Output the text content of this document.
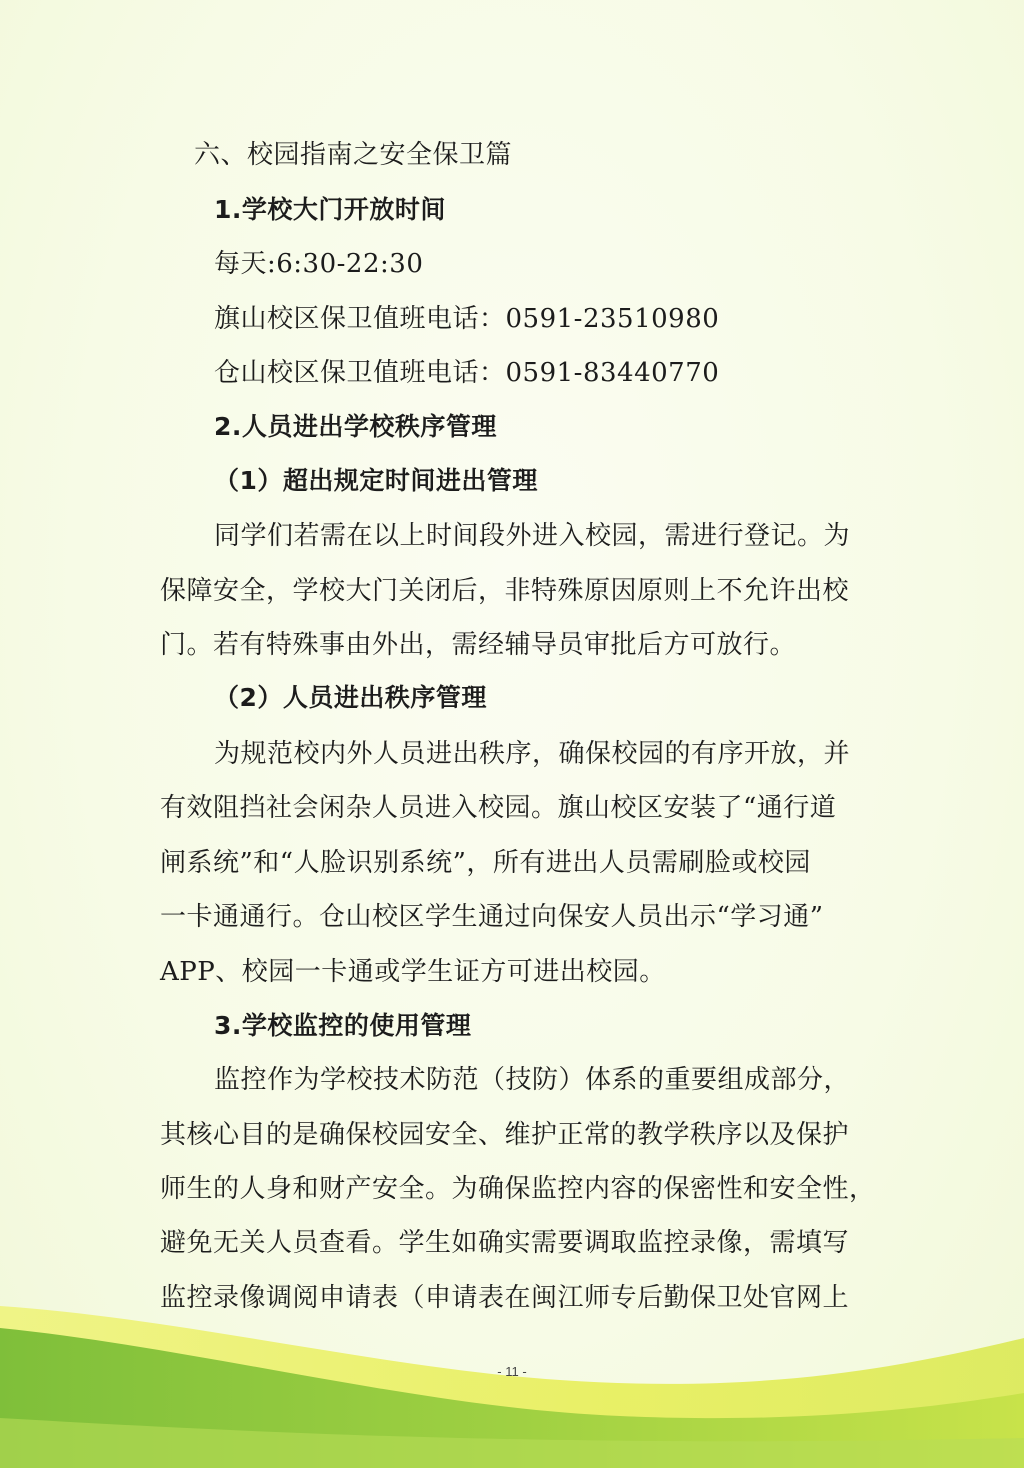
六、校园指南之安全保卫篇
1.学校大门开放时间
每天:6:30-22:30
旗山校区保卫值班电话：0591-23510980
仓山校区保卫值班电话：0591-83440770
2.人员进出学校秩序管理
（1）超出规定时间进出管理
同学们若需在以上时间段外进入校园，需进行登记。为
保障安全，学校大门关闭后，非特殊原因原则上不允许出校
门。若有特殊事由外出，需经辅导员审批后方可放行。
（2）人员进出秩序管理
为规范校内外人员进出秩序，确保校园的有序开放，并
有效阻挡社会闲杂人员进入校园。旗山校区安装了“通行道
闸系统”和“人脸识别系统”，所有进出人员需刷脸或校园
一卡通通行。仓山校区学生通过向保安人员出示“学习通”
APP、校园一卡通或学生证方可进出校园。
3.学校监控的使用管理
监控作为学校技术防范（技防）体系的重要组成部分，
其核心目的是确保校园安全、维护正常的教学秩序以及保护
师生的人身和财产安全。为确保监控内容的保密性和安全性，
避免无关人员查看。学生如确实需要调取监控录像，需填写
监控录像调阅申请表（申请表在闽江师专后勤保卫处官网上
- 11 -
